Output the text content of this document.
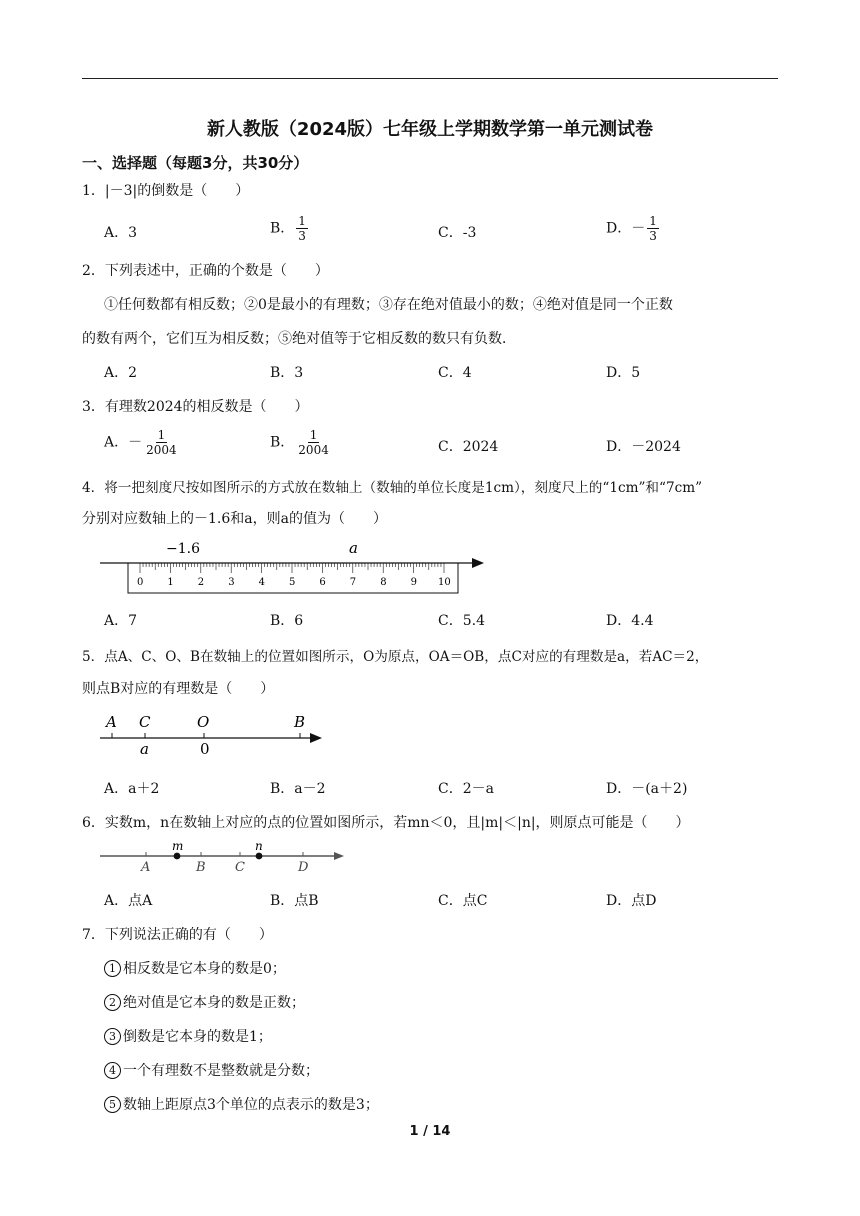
新人教版（2024版）七年级上学期数学第一单元测试卷
一、选择题（每题3分，共30分）
1．|－3|的倒数是（　　）
A．3	B． $\frac{1}{3}$	C．-3	D．－ $\frac{1}{3}$
2．下列表述中，正确的个数是（　　）
①任何数都有相反数；②0是最小的有理数；③存在绝对值最小的数；④绝对值是同一个正数
的数有两个，它们互为相反数；⑤绝对值等于它相反数的数只有负数．
A．2	B．3	C．4	D．5
3．有理数2024的相反数是（　　）
A．－ $\frac{1}{2004}$	B． $\frac{1}{2004}$	C．2024	D．－2024
4．将一把刻度尺按如图所示的方式放在数轴上（数轴的单位长度是1cm），刻度尺上的“1cm”和“7cm”
分别对应数轴上的－1.6和a，则a的值为（　　）
0 1 2 3 4 5 6 7 8 9 10
−1.6	a
A．7	B．6	C．5.4	D．4.4
5．点A、C、O、B在数轴上的位置如图所示，O为原点，OA＝OB，点C对应的有理数是a，若AC＝2，
则点B对应的有理数是（　　）
A C	O	B
a	0
A．a＋2	B．a－2	C．2－a	D．－(a＋2)
6．实数m，n在数轴上对应的点的位置如图所示，若mn＜0，且|m|＜|n|，则原点可能是（　　）
m	n
A	B C	D
A．点A	B．点B	C．点C	D．点D
7．下列说法正确的有（　　）
1 相反数是它本身的数是0；
2 绝对值是它本身的数是正数；
3 倒数是它本身的数是1；
4 一个有理数不是整数就是分数；
5 数轴上距原点3个单位的点表示的数是3；
1 / 14
